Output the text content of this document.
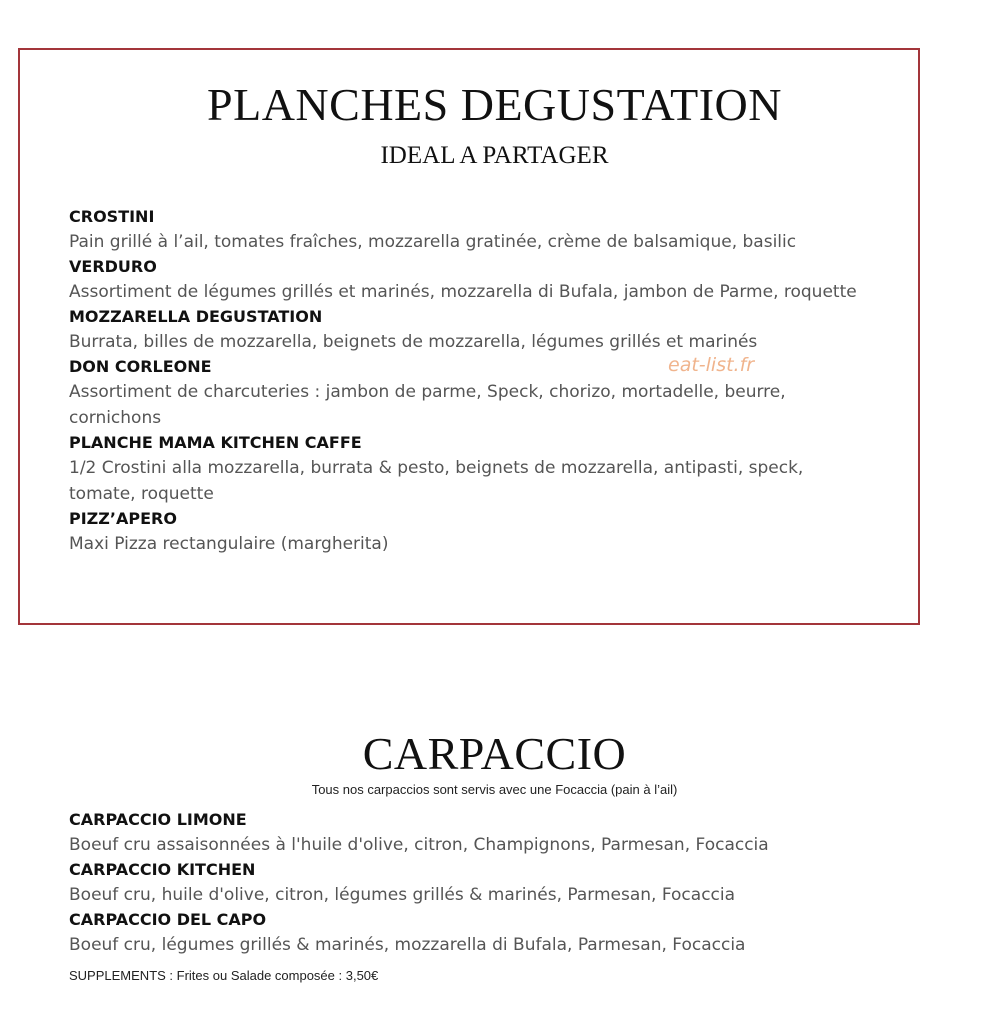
PLANCHES DEGUSTATION
IDEAL A PARTAGER
CROSTINI
Pain grillé à l’ail, tomates fraîches, mozzarella gratinée, crème de balsamique, basilic
VERDURO
Assortiment de légumes grillés et marinés, mozzarella di Bufala, jambon de Parme, roquette
MOZZARELLA DEGUSTATION
Burrata, billes de mozzarella, beignets de mozzarella, légumes grillés et marinés
DON CORLEONE
Assortiment de charcuteries : jambon de parme, Speck, chorizo, mortadelle, beurre, cornichons
PLANCHE MAMA KITCHEN CAFFE
1/2 Crostini alla mozzarella, burrata & pesto, beignets de mozzarella, antipasti, speck, tomate, roquette
PIZZ’APERO
Maxi Pizza rectangulaire (margherita)
eat-list.fr
CARPACCIO
Tous nos carpaccios sont servis avec une Focaccia (pain à l’ail)
CARPACCIO LIMONE
Boeuf cru assaisonnées à l'huile d'olive, citron, Champignons, Parmesan, Focaccia
CARPACCIO KITCHEN
Boeuf cru, huile d'olive, citron, légumes grillés & marinés, Parmesan, Focaccia
CARPACCIO DEL CAPO
Boeuf cru, légumes grillés & marinés, mozzarella di Bufala, Parmesan, Focaccia
SUPPLEMENTS : Frites ou Salade composée : 3,50€
